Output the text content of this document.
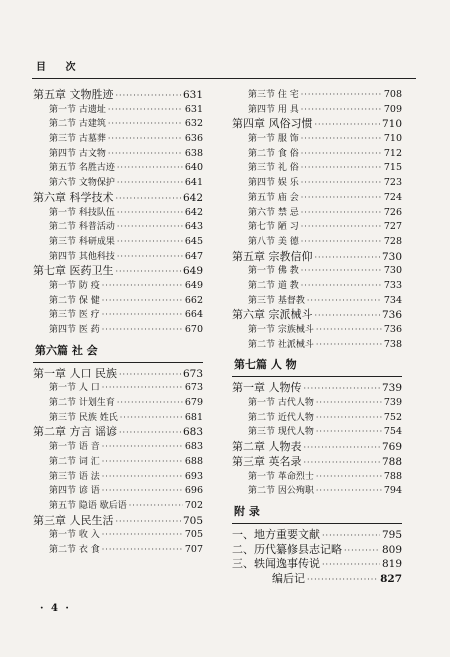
目 次
第五章 文物胜迹 ·····	631
第一节 古遗址 ·····	631
第二节 古建筑 ·····	632
第三节 古墓葬 ·····	636
第四节 古文物 ·····	638
第五节 名胜古迹 ·····	640
第六节 文物保护 ·····	641
第六章 科学技术 ·····	642
第一节 科技队伍 ·····	642
第二节 科普活动 ·····	643
第三节 科研成果 ·····	645
第四节 其他科技 ·····	647
第七章 医药卫生 ·····	649
第一节 防 疫 ·····	649
第二节 保 健 ·····	662
第三节 医 疗 ·····	664
第四节 医 药 ·····	670
第六篇 社 会
第一章 人口 民族 ·····	673
第一节 人 口 ·····	673
第二节 计划生育 ·····	679
第三节 民族 姓氏 ·····	681
第二章 方言 谣谚 ·····	683
第一节 语 音 ·····	683
第二节 词 汇 ·····	688
第三节 语 法 ·····	693
第四节 谚 语 ·····	696
第五节 隐语 歇后语 ·····	702
第三章 人民生活 ·····	705
第一节 收 入 ·····	705
第二节 衣 食 ·····	707
第三节 住 宅 ·····	708
第四节 用 具 ·····	709
第四章 风俗习惯 ·····	710
第一节 服 饰 ·····	710
第二节 食 俗 ·····	712
第三节 礼 俗 ·····	715
第四节 娱 乐 ·····	723
第五节 庙 会 ·····	724
第六节 禁 忌 ·····	726
第七节 陋 习 ·····	727
第八节 美 德 ·····	728
第五章 宗教信仰 ·····	730
第一节 佛 教 ·····	730
第二节 道 教 ·····	733
第三节 基督教 ·····	734
第六章 宗派械斗 ·····	736
第一节 宗族械斗 ·····	736
第二节 社派械斗 ·····	738
第七篇 人 物
第一章 人物传 ·····	739
第一节 古代人物 ·····	739
第二节 近代人物 ·····	752
第三节 现代人物 ·····	754
第二章 人物表 ·····	769
第三章 英名录 ·····	788
第一节 革命烈士 ·····	788
第二节 因公殉职 ·····	794
附 录
一、地方重要文献 ·····	795
二、历代纂修县志记略 ·····	809
三、轶闻逸事传说 ·····	819
编后记 ·····	827
· 4 ·
